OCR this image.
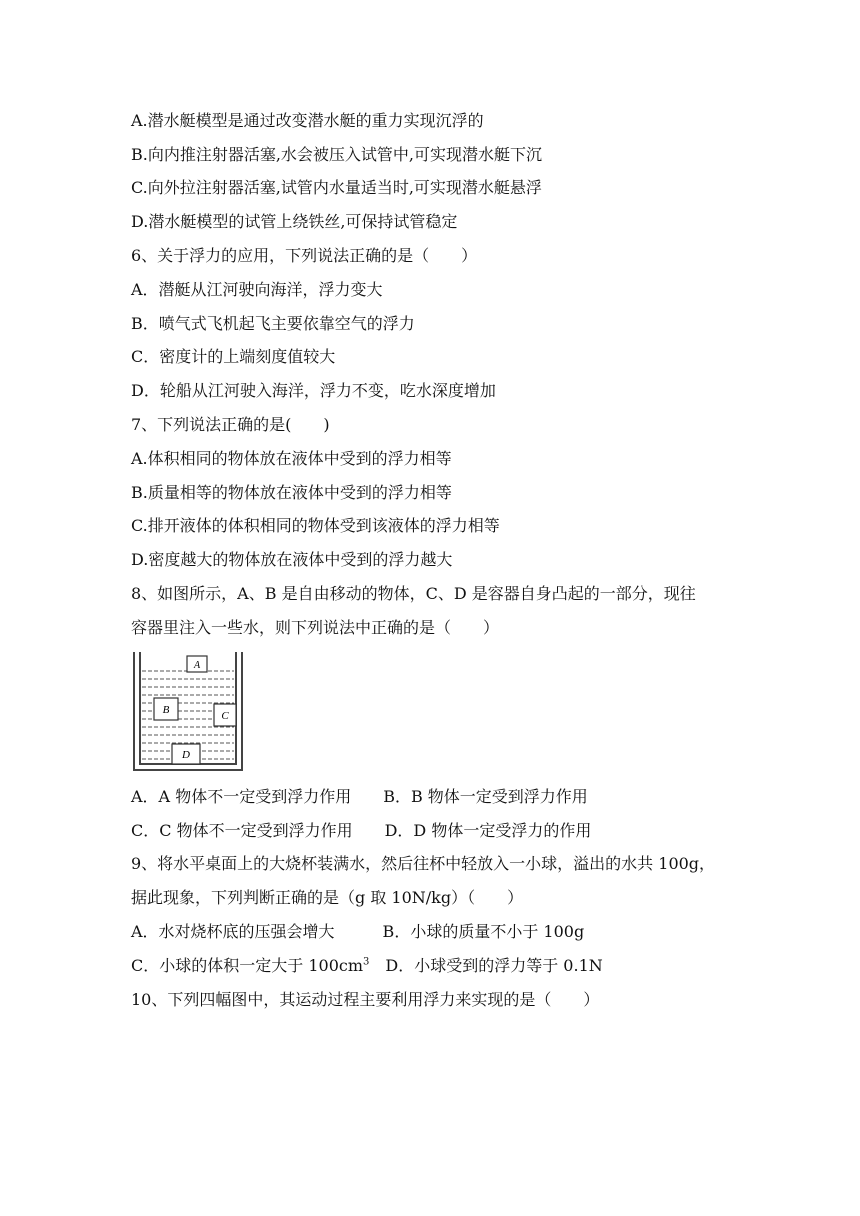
A.潜水艇模型是通过改变潜水艇的重力实现沉浮的
B.向内推注射器活塞,水会被压入试管中,可实现潜水艇下沉
C.向外拉注射器活塞,试管内水量适当时,可实现潜水艇悬浮
D.潜水艇模型的试管上绕铁丝,可保持试管稳定
6、关于浮力的应用，下列说法正确的是（　　）
A．潜艇从江河驶向海洋，浮力变大
B．喷气式飞机起飞主要依靠空气的浮力
C．密度计的上端刻度值较大
D．轮船从江河驶入海洋，浮力不变，吃水深度增加
7、下列说法正确的是(　　)
A.体积相同的物体放在液体中受到的浮力相等
B.质量相等的物体放在液体中受到的浮力相等
C.排开液体的体积相同的物体受到该液体的浮力相等
D.密度越大的物体放在液体中受到的浮力越大
8、如图所示，A、B 是自由移动的物体，C、D 是容器自身凸起的一部分，现往
容器里注入一些水，则下列说法中正确的是（　　）
A
B	C
D
A．A 物体不一定受到浮力作用　　B．B 物体一定受到浮力作用
C．C 物体不一定受到浮力作用　　D．D 物体一定受浮力的作用
9、将水平桌面上的大烧杯装满水，然后往杯中轻放入一小球，溢出的水共 100g，
据此现象，下列判断正确的是（g 取 10N/kg）（　　）
A．水对烧杯底的压强会增大　　　B．小球的质量不小于 100g
C．小球的体积一定大于 $100cm^3$　D．小球受到的浮力等于 0.1N
10、下列四幅图中，其运动过程主要利用浮力来实现的是（　　）
